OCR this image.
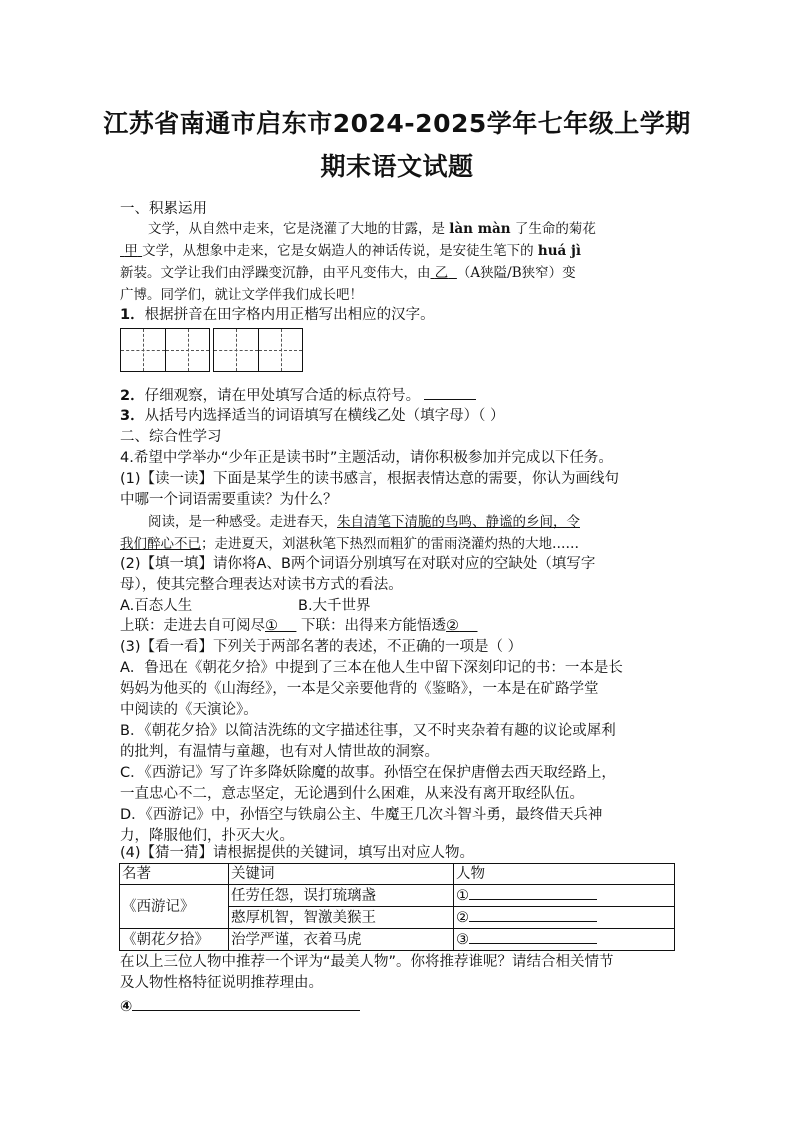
江苏省南通市启东市2024-2025学年七年级上学期
期末语文试题
一、积累运用
文学，从自然中走来，它是浇灌了大地的甘露，是 làn màn 了生命的菊花
甲 文学，从想象中走来，它是女娲造人的神话传说，是安徒生笔下的 huá jì
新装。文学让我们由浮躁变沉静，由平凡变伟大，由 乙 （A狭隘/B狭窄）变
广博。同学们，就让文学伴我们成长吧！
1．根据拼音在田字格内用正楷写出相应的汉字。
2．仔细观察，请在甲处填写合适的标点符号。
3．从括号内选择适当的词语填写在横线乙处（填字母）（ ）
二、综合性学习
4.希望中学举办“少年正是读书时”主题活动，请你积极参加并完成以下任务。
(1)【读一读】下面是某学生的读书感言，根据表情达意的需要，你认为画线句
中哪一个词语需要重读？为什么？
阅读，是一种感受。走进春天，朱自清笔下清脆的鸟鸣、静谧的乡间，令
我们醉心不已；走进夏天，刘湛秋笔下热烈而粗犷的雷雨浇灌灼热的大地……
(2)【填一填】请你将A、B两个词语分别填写在对联对应的空缺处（填写字
母），使其完整合理表达对读书方式的看法。
A.百态人生	B.大千世界
上联：走进去自可阅尽① 下联：出得来方能悟透②
(3)【看一看】下列关于两部名著的表述，不正确的一项是（ ）
A．鲁迅在《朝花夕拾》中提到了三本在他人生中留下深刻印记的书：一本是长
妈妈为他买的《山海经》，一本是父亲要他背的《鉴略》，一本是在矿路学堂
中阅读的《天演论》。
B．《朝花夕拾》以简洁洗练的文字描述往事，又不时夹杂着有趣的议论或犀利
的批判，有温情与童趣，也有对人情世故的洞察。
C．《西游记》写了许多降妖除魔的故事。孙悟空在保护唐僧去西天取经路上，
一直忠心不二，意志坚定，无论遇到什么困难，从来没有离开取经队伍。
D．《西游记》中，孙悟空与铁扇公主、牛魔王几次斗智斗勇，最终借天兵神
力，降服他们，扑灭大火。
(4)【猜一猜】请根据提供的关键词，填写出对应人物。
名著	关键词	人物
《西游记》	任劳任怨，误打琉璃盏	①
	憨厚机智，智激美猴王	②
《朝花夕拾》	治学严谨，衣着马虎	③
在以上三位人物中推荐一个评为“最美人物”。你将推荐谁呢？请结合相关情节
及人物性格特征说明推荐理由。
④
